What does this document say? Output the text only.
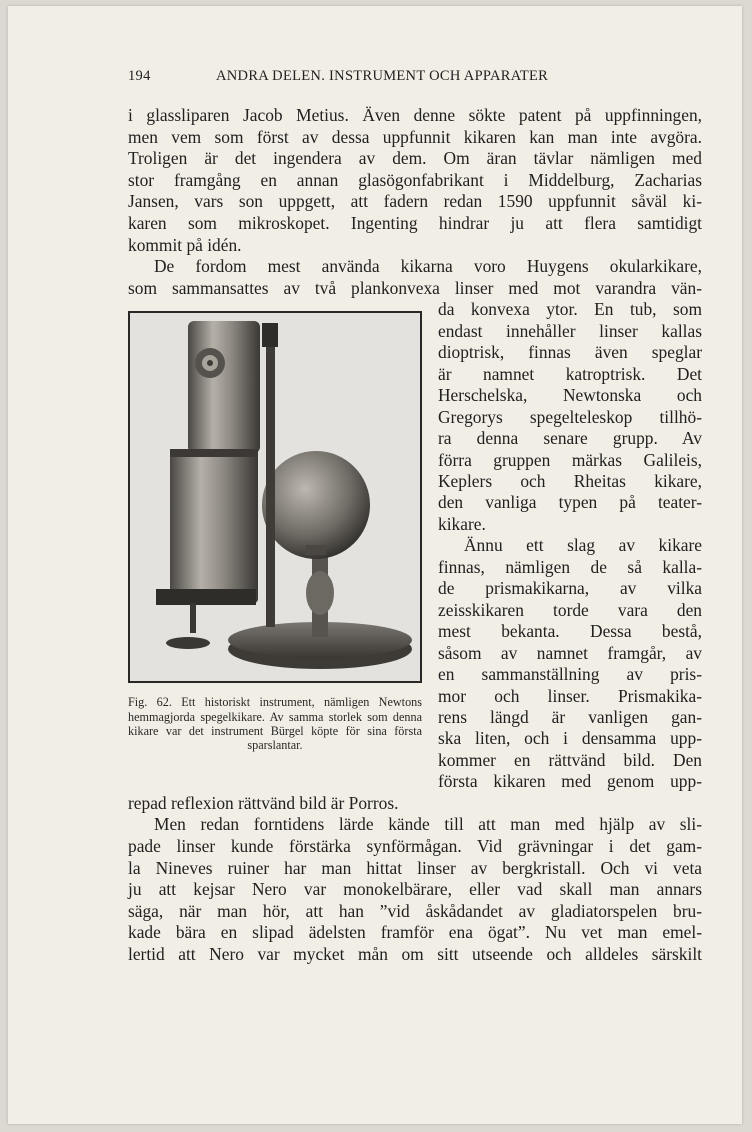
194	ANDRA DELEN. INSTRUMENT OCH APPARATER

i glassliparen Jacob Metius. Även denne sökte patent på uppfinningen,

men vem som först av dessa uppfunnit kikaren kan man inte avgöra.

Troligen är det ingendera av dem. Om äran tävlar nämligen med

stor framgång en annan glasögonfabrikant i Middelburg, Zacharias

Jansen, vars son uppgett, att fadern redan 1590 uppfunnit såväl ki-

karen som mikroskopet. Ingenting hindrar ju att flera samtidigt

kommit på idén.

De fordom mest använda kikarna voro Huygens okularkikare,

som sammansattes av två plankonvexa linser med mot varandra vän-

Fig. 62. Ett historiskt instrument, nämligen Newtons hemmagjorda spegelkikare. Av samma storlek som denna kikare var det instrument Bürgel köpte för sina första sparslantar.

da konvexa ytor. En tub, som

endast innehåller linser kallas

dioptrisk, finnas även speglar

är namnet katroptrisk. Det

Herschelska, Newtonska och

Gregorys spegelteleskop tillhö-

ra denna senare grupp. Av

förra gruppen märkas Galileis,

Keplers och Rheitas kikare,

den vanliga typen på teater-

kikare.

Ännu ett slag av kikare

finnas, nämligen de så kalla-

de prismakikarna, av vilka

zeisskikaren torde vara den

mest bekanta. Dessa bestå,

såsom av namnet framgår, av

en sammanställning av pris-

mor och linser. Prismakika-

rens längd är vanligen gan-

ska liten, och i densamma upp-

kommer en rättvänd bild. Den

första kikaren med genom upp-

repad reflexion rättvänd bild är Porros.

Men redan forntidens lärde kände till att man med hjälp av sli-

pade linser kunde förstärka synförmågan. Vid grävningar i det gam-

la Nineves ruiner har man hittat linser av bergkristall. Och vi veta

ju att kejsar Nero var monokelbärare, eller vad skall man annars

säga, när man hör, att han ”vid åskådandet av gladiatorspelen bru-

kade bära en slipad ädelsten framför ena ögat”. Nu vet man emel-

lertid att Nero var mycket mån om sitt utseende och alldeles särskilt
